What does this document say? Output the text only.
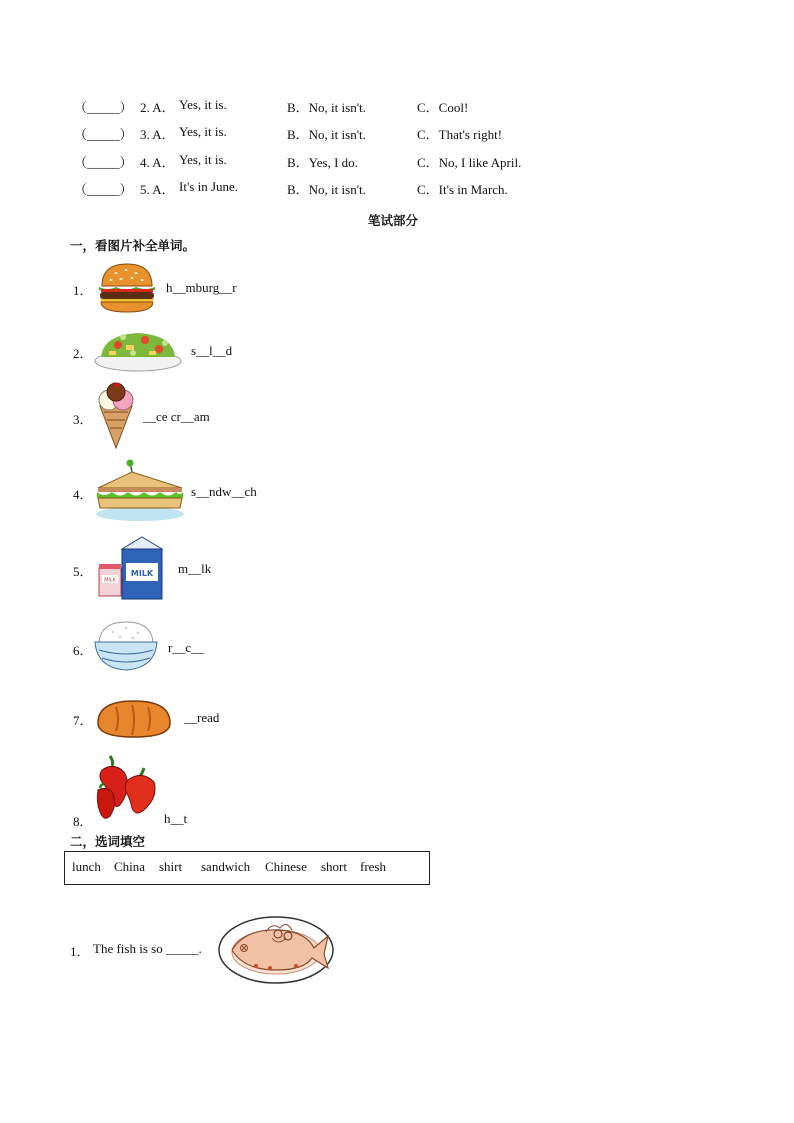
（_____） 2. A． Yes, it is.	B．No, it isn't.	C．Cool!
（_____） 3. A． Yes, it is.	B．No, it isn't.	C．That's right!
（_____） 4. A． Yes, it is.	B．Yes, I do.	C．No, I like April.
（_____） 5. A． It's in June.	B．No, it isn't.	C．It's in March.
笔试部分
一，看图片补全单词。
1．	h__mburg__r
2．	s__l__d
3．	__ce cr__am
4．	s__ndw__ch
5．
MILK
MILK m__lk
6．	r__c__
7．	__read
8．	h__t
二，选词填空
lunch China shirt sandwich Chinese short fresh
1． The fish is so _____.
